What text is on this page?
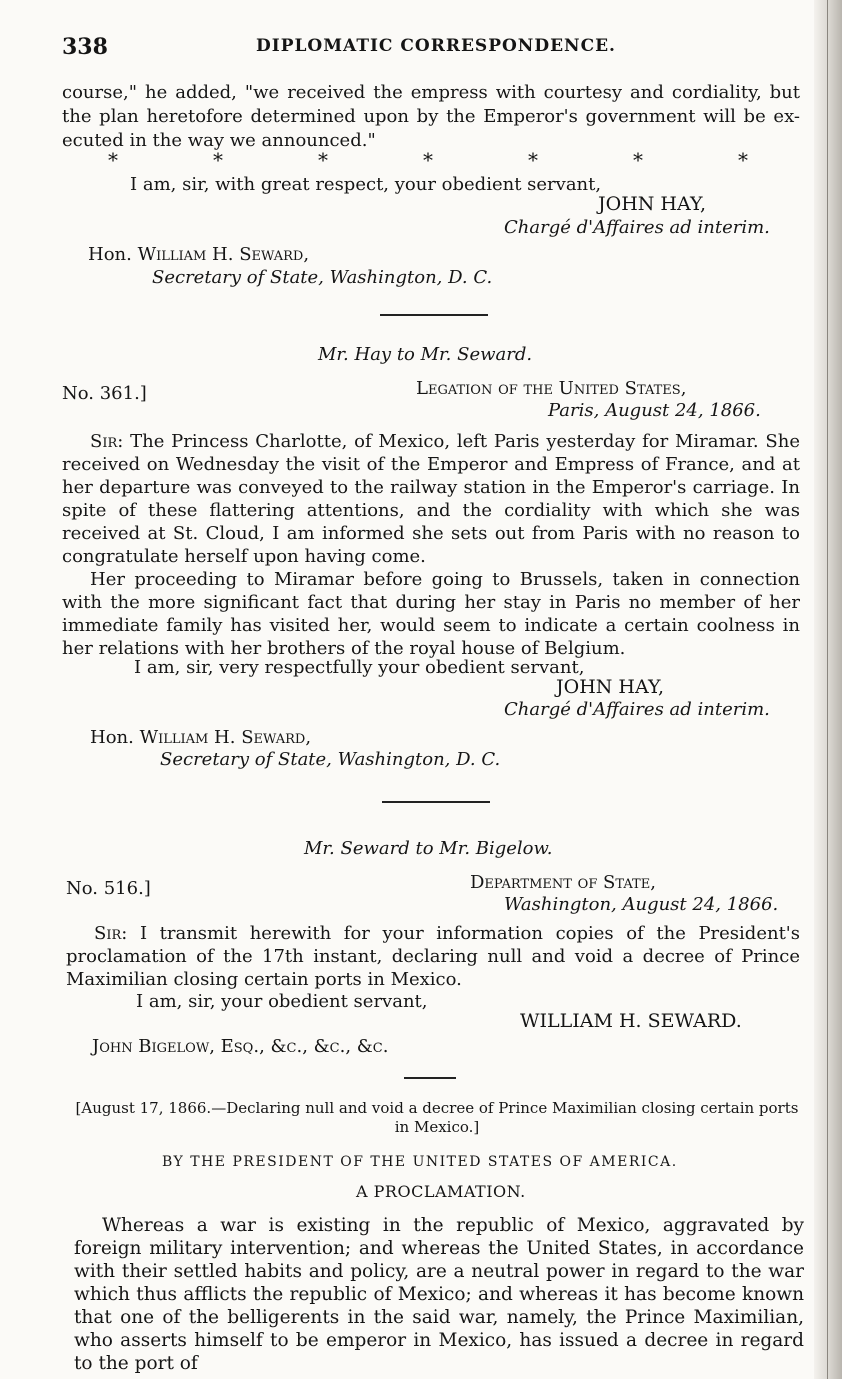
338	DIPLOMATIC CORRESPONDENCE.
course," he added, "we received the empress with courtesy and cordiality, but
the plan heretofore determined upon by the Emperor's government will be ex-
ecuted in the way we announced."
*	*	*	*	*	*	*
I am, sir, with great respect, your obedient servant,
JOHN HAY,
Chargé d'Affaires ad interim.
Hon. William H. Seward,
Secretary of State, Washington, D. C.
Mr. Hay to Mr. Seward.
No. 361.]	Legation of the United States,
Paris, August 24, 1866.
Sir: The Princess Charlotte, of Mexico, left Paris yesterday for Miramar. She received on Wednesday the visit of the Emperor and Empress of France, and at her departure was conveyed to the railway station in the Emperor's carriage. In spite of these flattering attentions, and the cordiality with which she was received at St. Cloud, I am informed she sets out from Paris with no reason to congratulate herself upon having come.
Her proceeding to Miramar before going to Brussels, taken in connection with the more significant fact that during her stay in Paris no member of her immediate family has visited her, would seem to indicate a certain coolness in her relations with her brothers of the royal house of Belgium.
I am, sir, very respectfully your obedient servant,
JOHN HAY,
Chargé d'Affaires ad interim.
Hon. William H. Seward,
Secretary of State, Washington, D. C.
Mr. Seward to Mr. Bigelow.
No. 516.]	Department of State,
Washington, August 24, 1866.
Sir: I transmit herewith for your information copies of the President's proclamation of the 17th instant, declaring null and void a decree of Prince Maximilian closing certain ports in Mexico.
I am, sir, your obedient servant,
WILLIAM H. SEWARD.
John Bigelow, Esq., &c., &c., &c.
[August 17, 1866.—Declaring null and void a decree of Prince Maximilian closing certain ports in Mexico.]
BY THE PRESIDENT OF THE UNITED STATES OF AMERICA.
A PROCLAMATION.
Whereas a war is existing in the republic of Mexico, aggravated by foreign military intervention; and whereas the United States, in accordance with their settled habits and policy, are a neutral power in regard to the war which thus afflicts the republic of Mexico; and whereas it has become known that one of the belligerents in the said war, namely, the Prince Maximilian, who asserts himself to be emperor in Mexico, has issued a decree in regard to the port of
